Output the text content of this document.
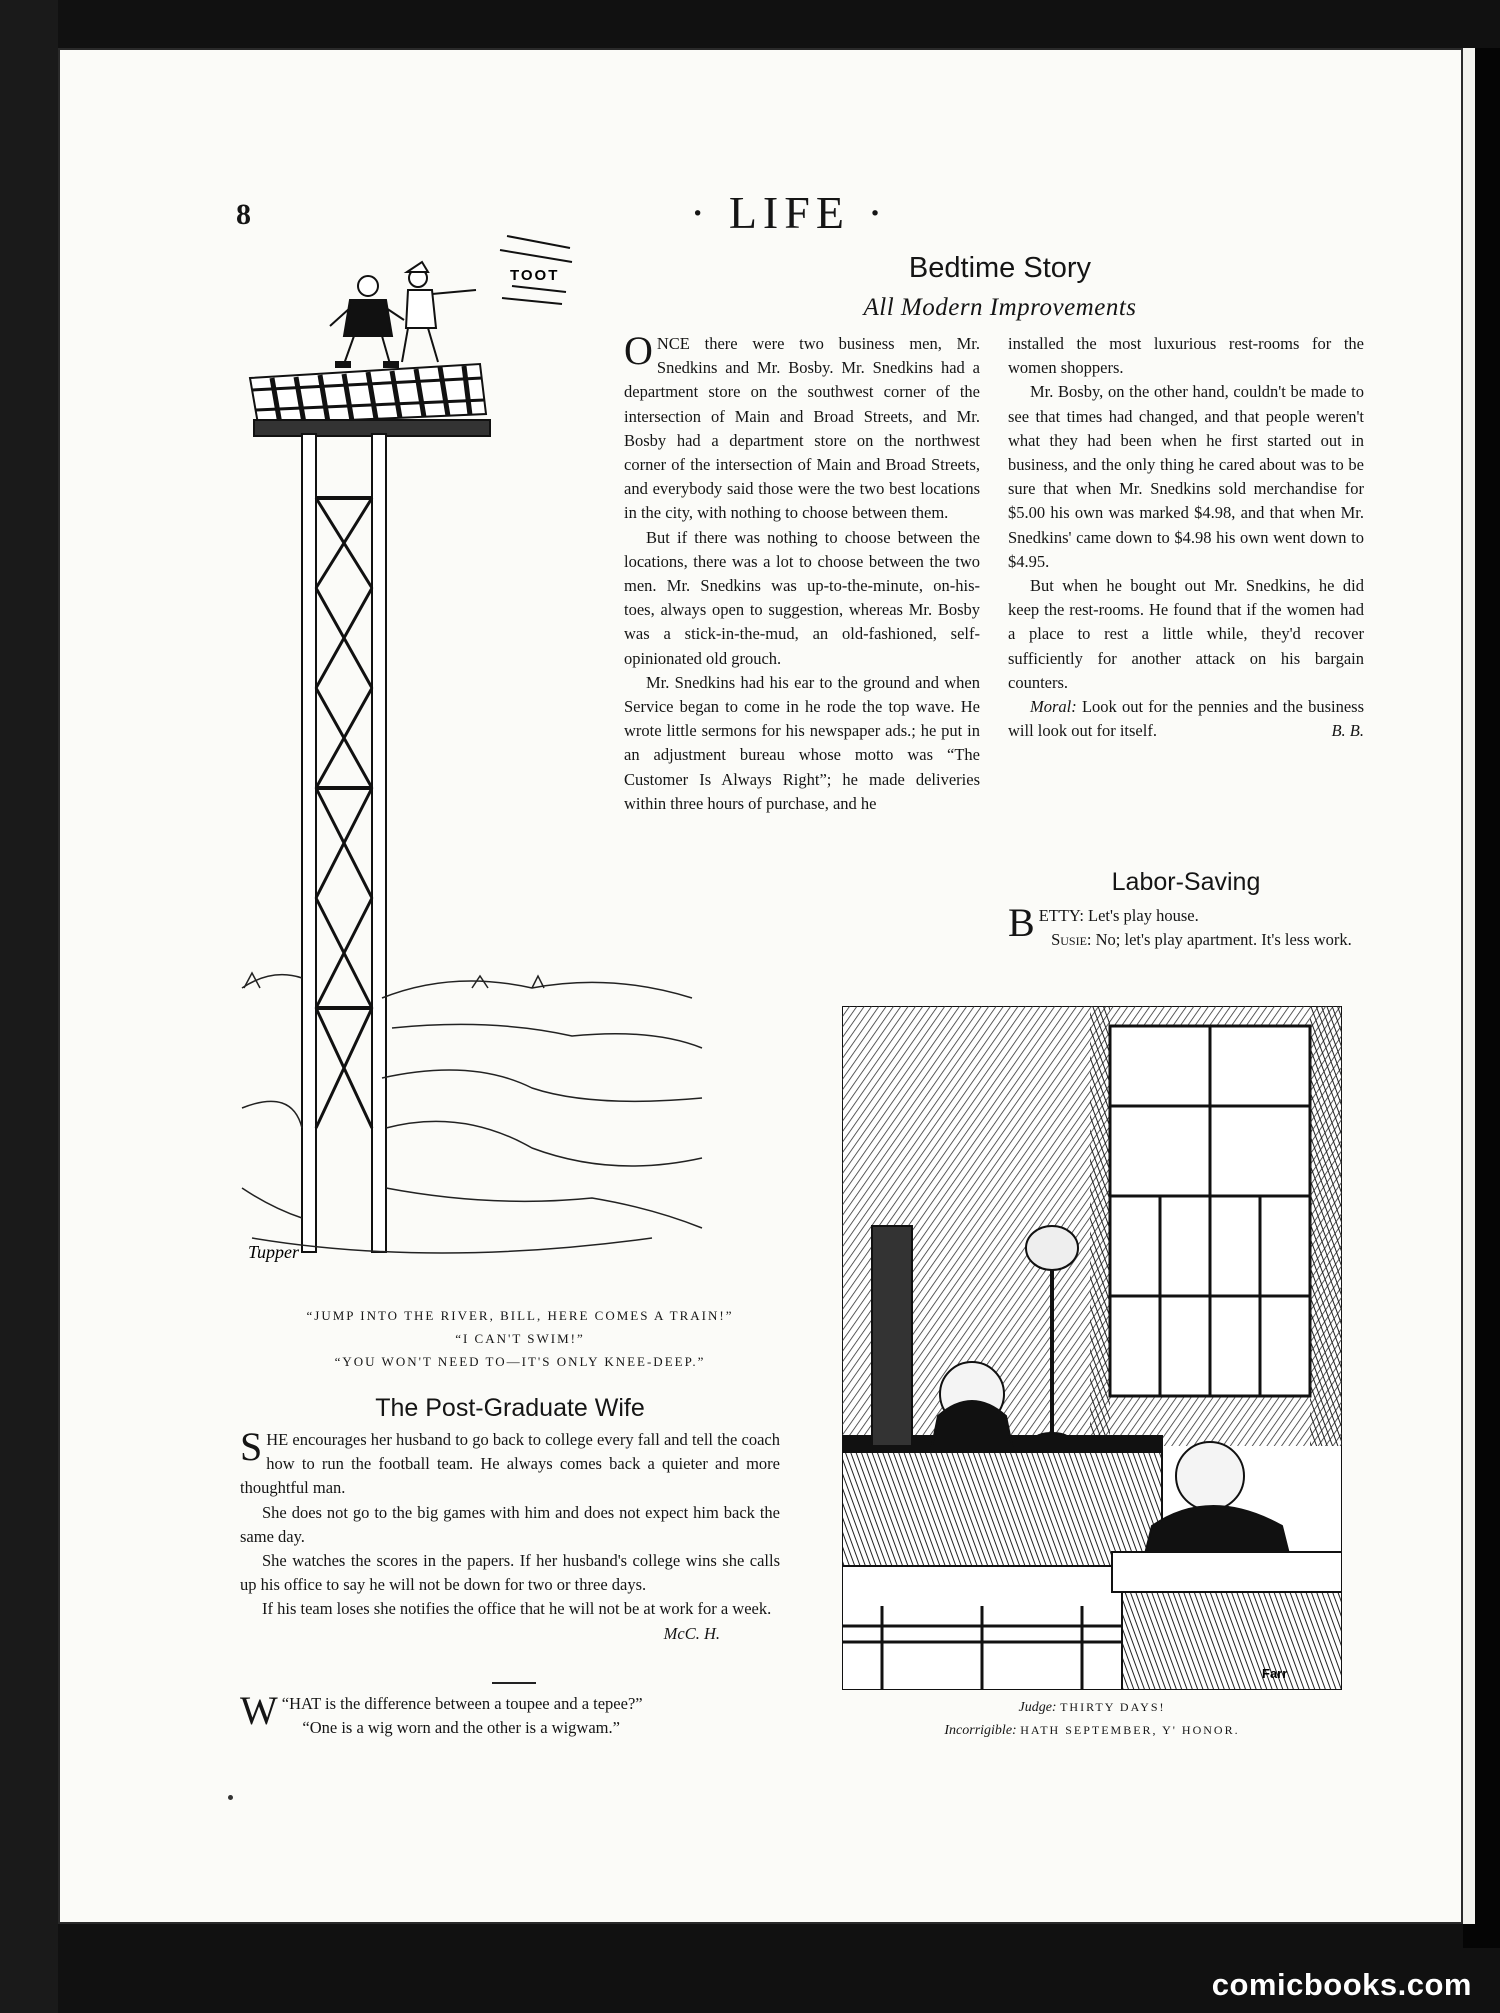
8	· LIFE ·
TOOT
Tupper
“JUMP INTO THE RIVER, BILL, HERE COMES A TRAIN!”
“I CAN'T SWIM!”
“YOU WON'T NEED TO—IT'S ONLY KNEE-DEEP.”
Bedtime Story
All Modern Improvements

ONCE there were two business men, Mr. Snedkins and Mr. Bosby. Mr. Snedkins had a department store on the southwest corner of the intersection of Main and Broad Streets, and Mr. Bosby had a department store on the northwest corner of the intersection of Main and Broad Streets, and everybody said those were the two best locations in the city, with nothing to choose between them.

But if there was nothing to choose between the locations, there was a lot to choose between the two men. Mr. Snedkins was up-to-the-minute, on-his-toes, always open to suggestion, whereas Mr. Bosby was a stick-in-the-mud, an old-fashioned, self-opinionated old grouch.

Mr. Snedkins had his ear to the ground and when Service began to come in he rode the top wave. He wrote little sermons for his newspaper ads.; he put in an adjustment bureau whose motto was “The Customer Is Always Right”; he made deliveries within three hours of purchase, and he

installed the most luxurious rest-rooms for the women shoppers.

Mr. Bosby, on the other hand, couldn't be made to see that times had changed, and that people weren't what they had been when he first started out in business, and the only thing he cared about was to be sure that when Mr. Snedkins sold merchandise for $5.00 his own was marked $4.98, and that when Mr. Snedkins' came down to $4.98 his own went down to $4.95.

But when he bought out Mr. Snedkins, he did keep the rest-rooms. He found that if the women had a place to rest a little while, they'd recover sufficiently for another attack on his bargain counters.

Moral: Look out for the pennies and the business will look out for itself.	B. B.

Labor-Saving

BETTY: Let's play house.
Susie: No; let's play apartment. It's less work.

Farr
Judge: THIRTY DAYS!
Incorrigible: HATH SEPTEMBER, Y' HONOR.
The Post-Graduate Wife

SHE encourages her husband to go back to college every fall and tell the coach how to run the football team. He always comes back a quieter and more thoughtful man.

She does not go to the big games with him and does not expect him back the same day.

She watches the scores in the papers. If her husband's college wins she calls up his office to say he will not be down for two or three days.

If his team loses she notifies the office that he will not be at work for a week.
McC. H.

“
W HAT is the difference between a toupee and a tepee?”
“One is a wig worn and the other is a wigwam.”

comicbooks.com
